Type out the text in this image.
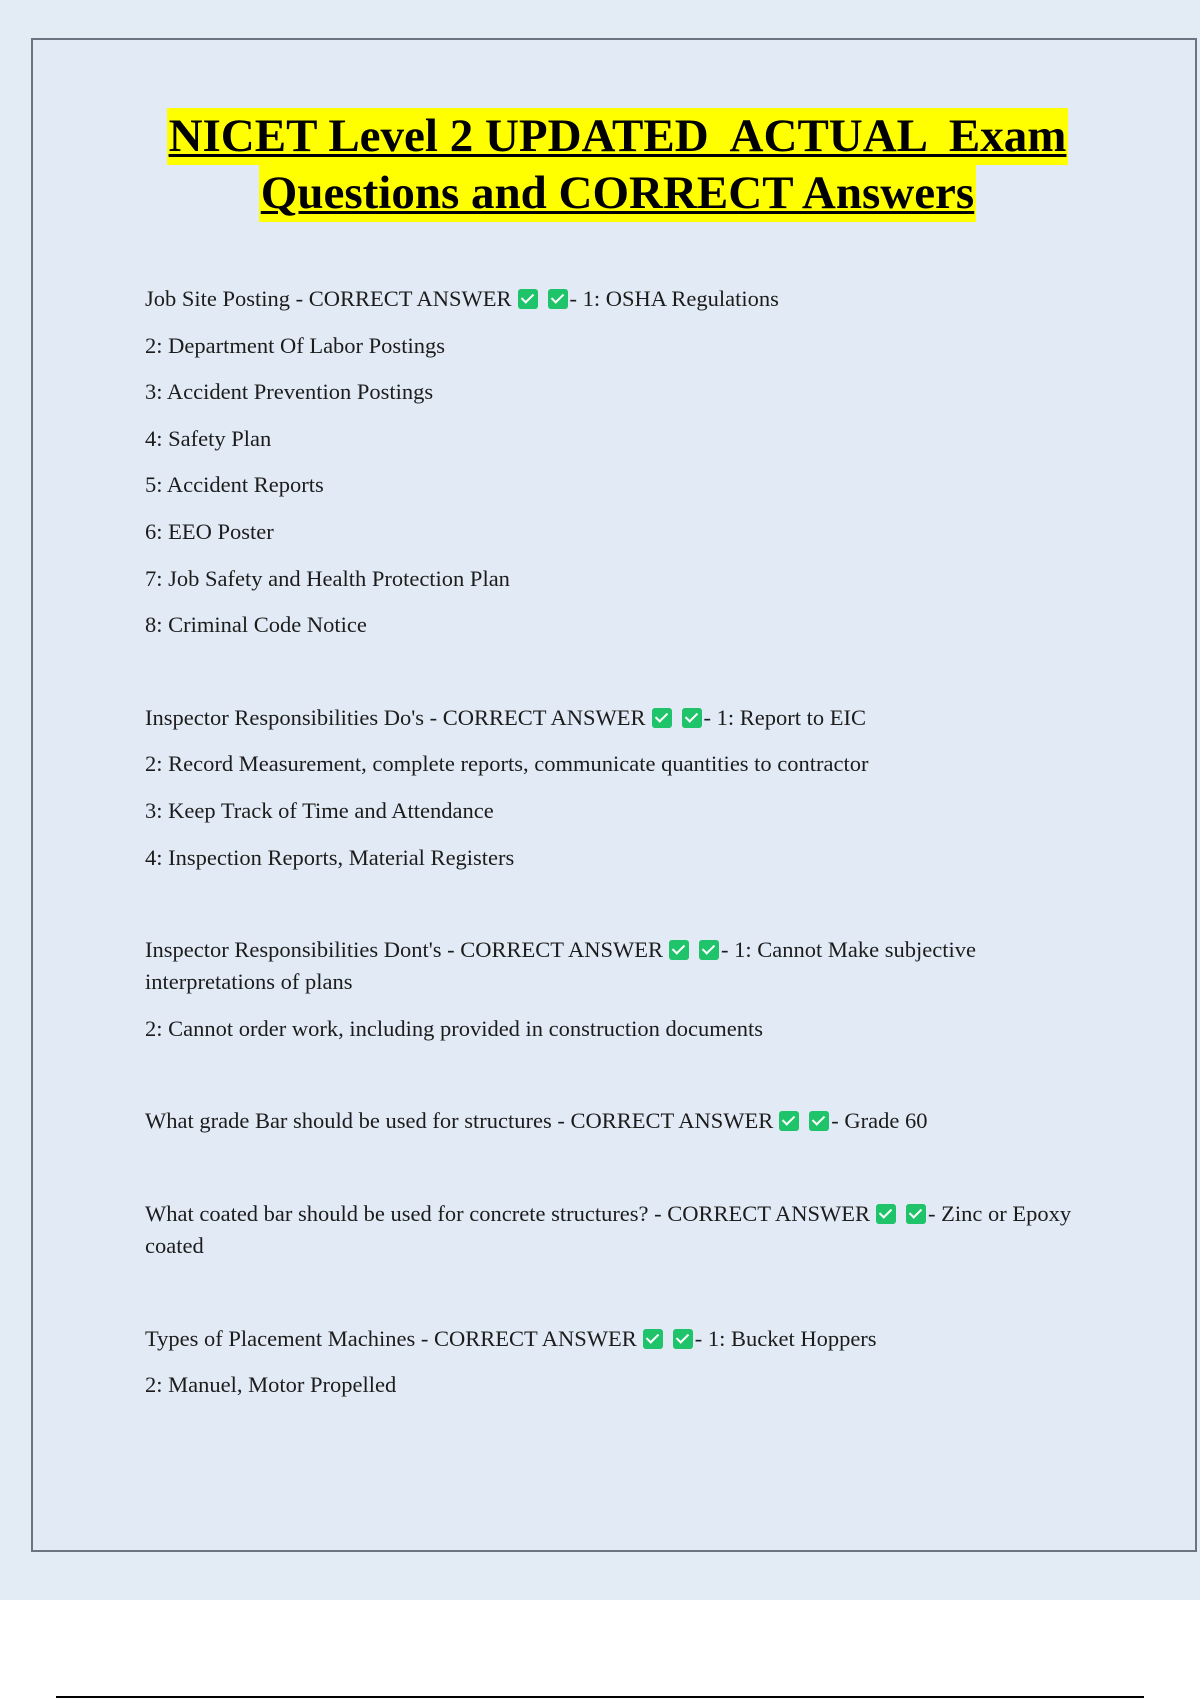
NICET Level 2 UPDATED  ACTUAL  Exam
Questions and CORRECT Answers

Job Site Posting - CORRECT ANSWER	- 1: OSHA Regulations

2: Department Of Labor Postings

3: Accident Prevention Postings

4: Safety Plan

5: Accident Reports

6: EEO Poster

7: Job Safety and Health Protection Plan

8: Criminal Code Notice

Inspector Responsibilities Do's - CORRECT ANSWER	- 1: Report to EIC

2: Record Measurement, complete reports, communicate quantities to contractor

3: Keep Track of Time and Attendance

4: Inspection Reports, Material Registers

Inspector Responsibilities Dont's - CORRECT ANSWER	- 1: Cannot Make subjective interpretations of plans

2: Cannot order work, including provided in construction documents

What grade Bar should be used for structures - CORRECT ANSWER	- Grade 60

What coated bar should be used for concrete structures? - CORRECT ANSWER	- Zinc or Epoxy coated

Types of Placement Machines - CORRECT ANSWER	- 1: Bucket Hoppers

2: Manuel, Motor Propelled
